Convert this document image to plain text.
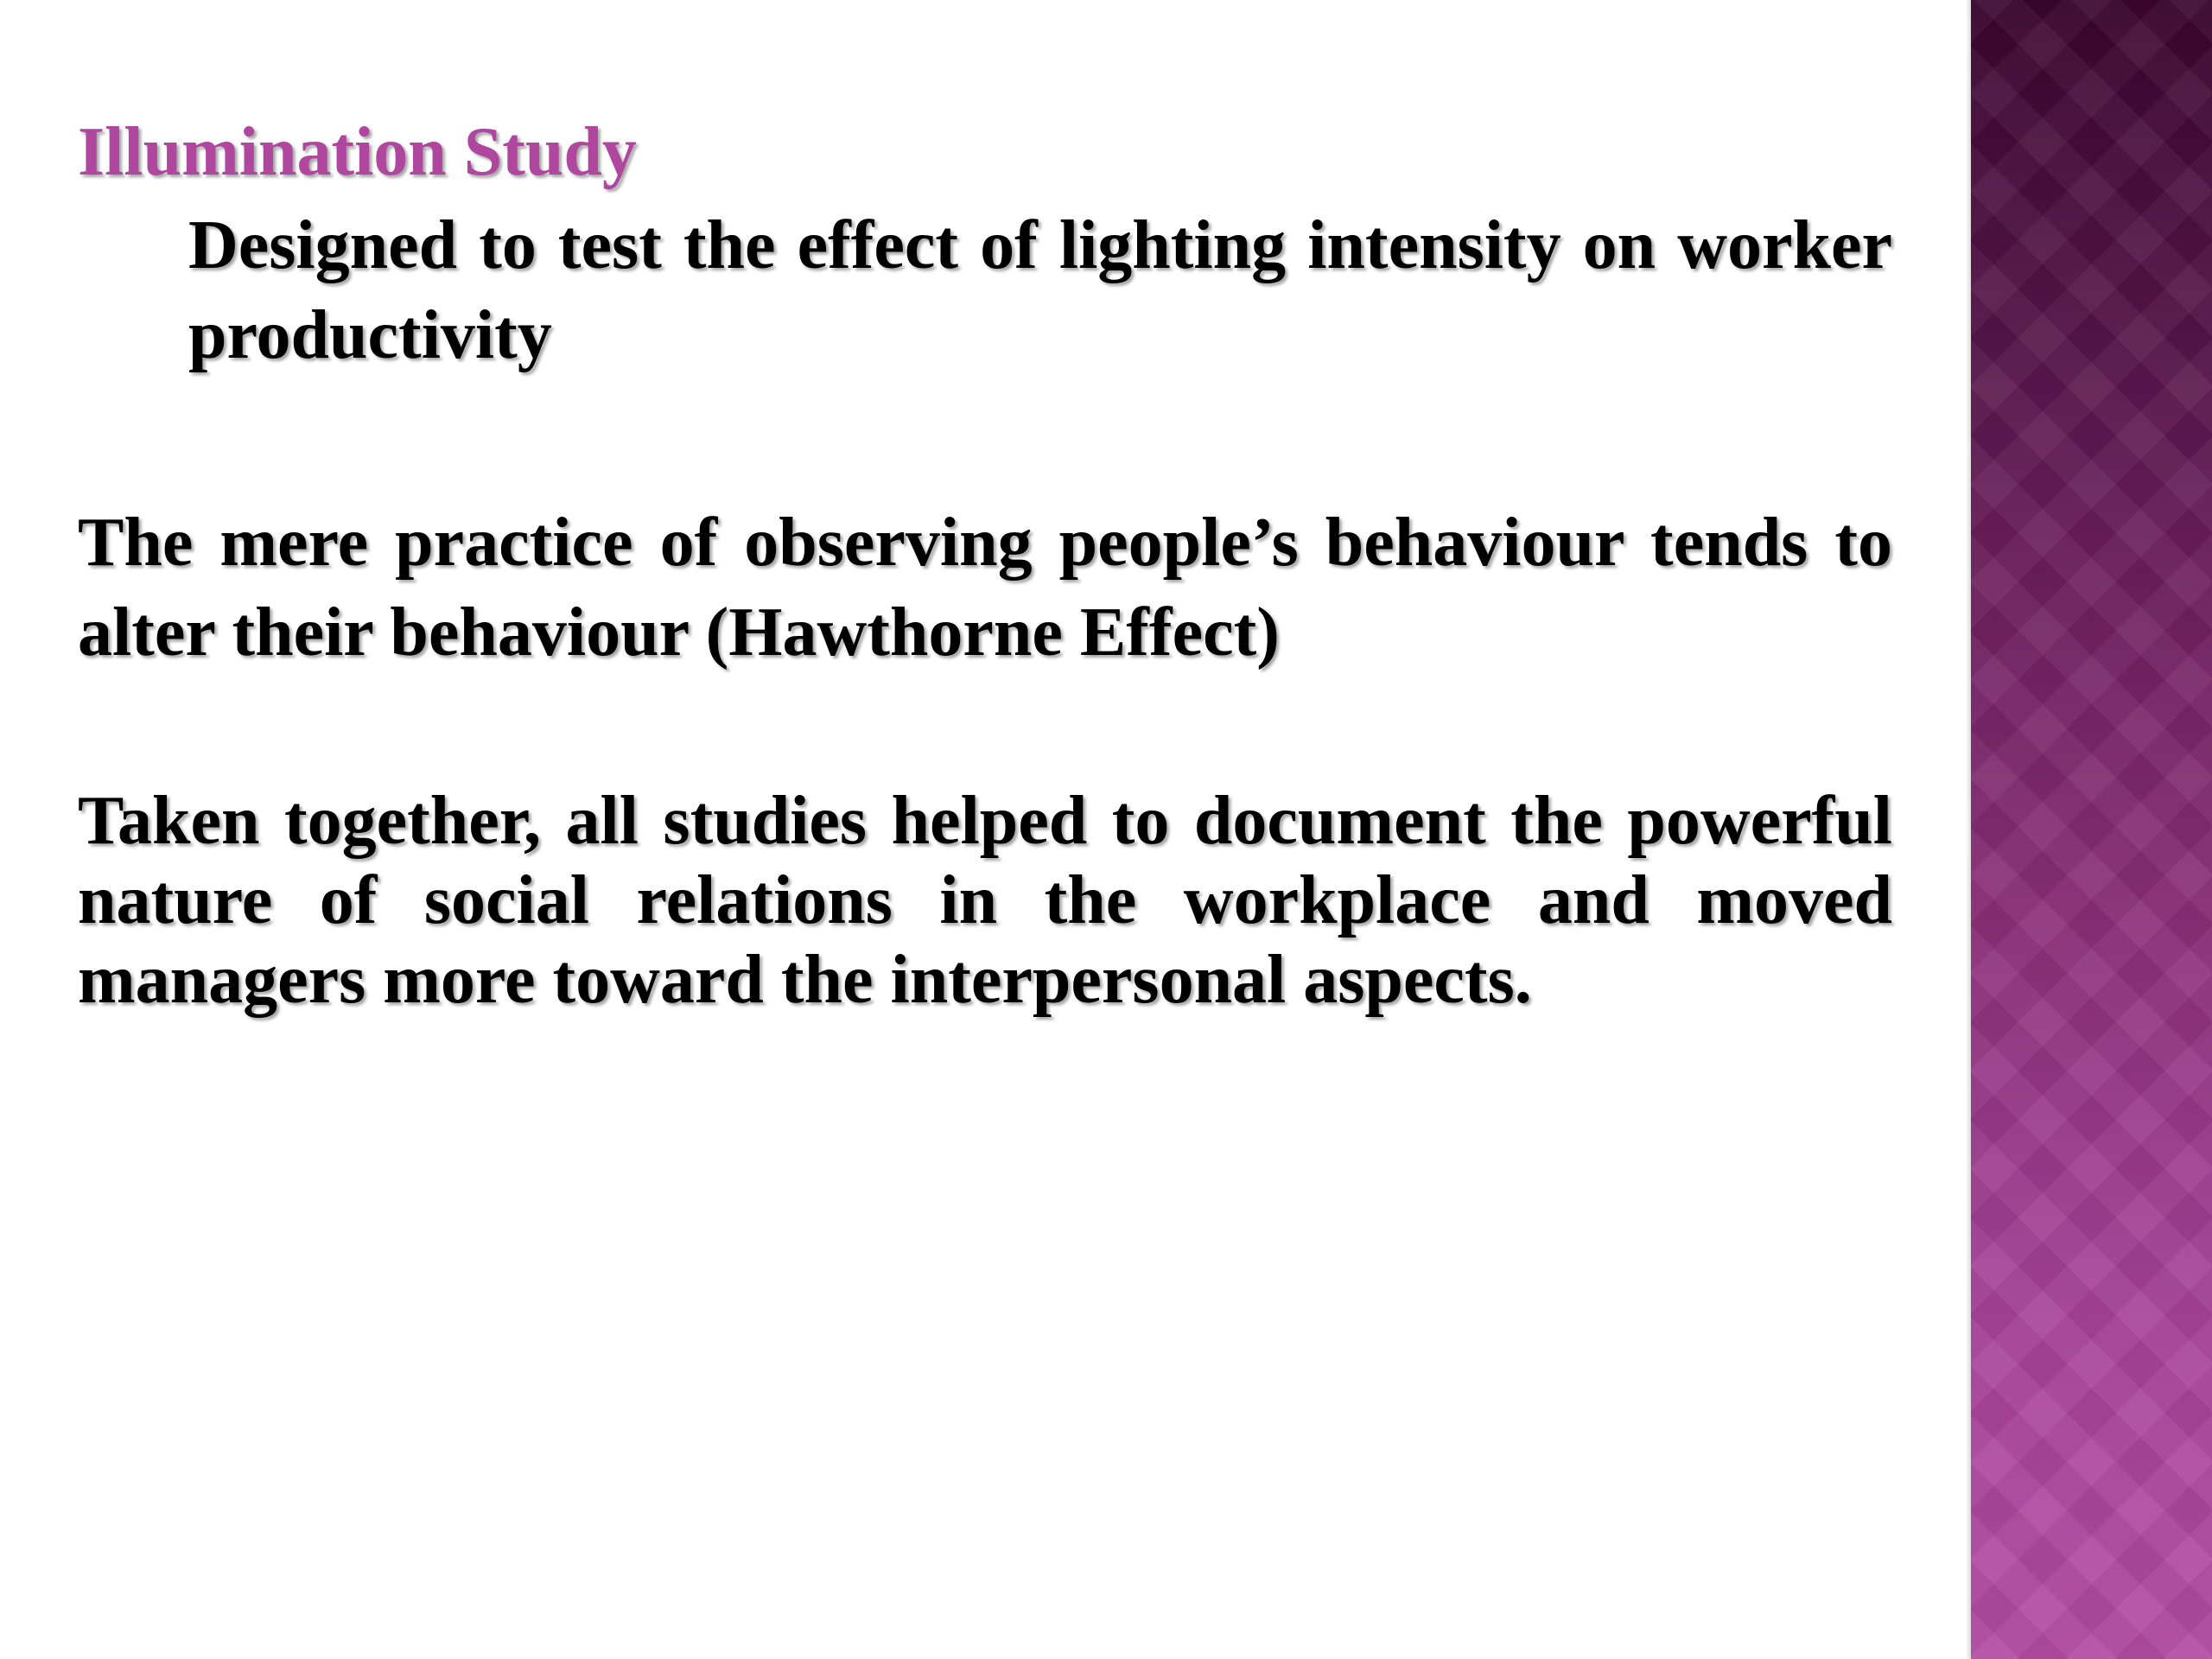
Illumination Study

Designed to test the effect of lighting intensity on worker productivity

The mere practice of observing people’s behaviour tends to alter their behaviour (Hawthorne Effect)

Taken together, all studies helped to document the powerful nature of social relations in the workplace and moved managers more toward the interpersonal aspects.
